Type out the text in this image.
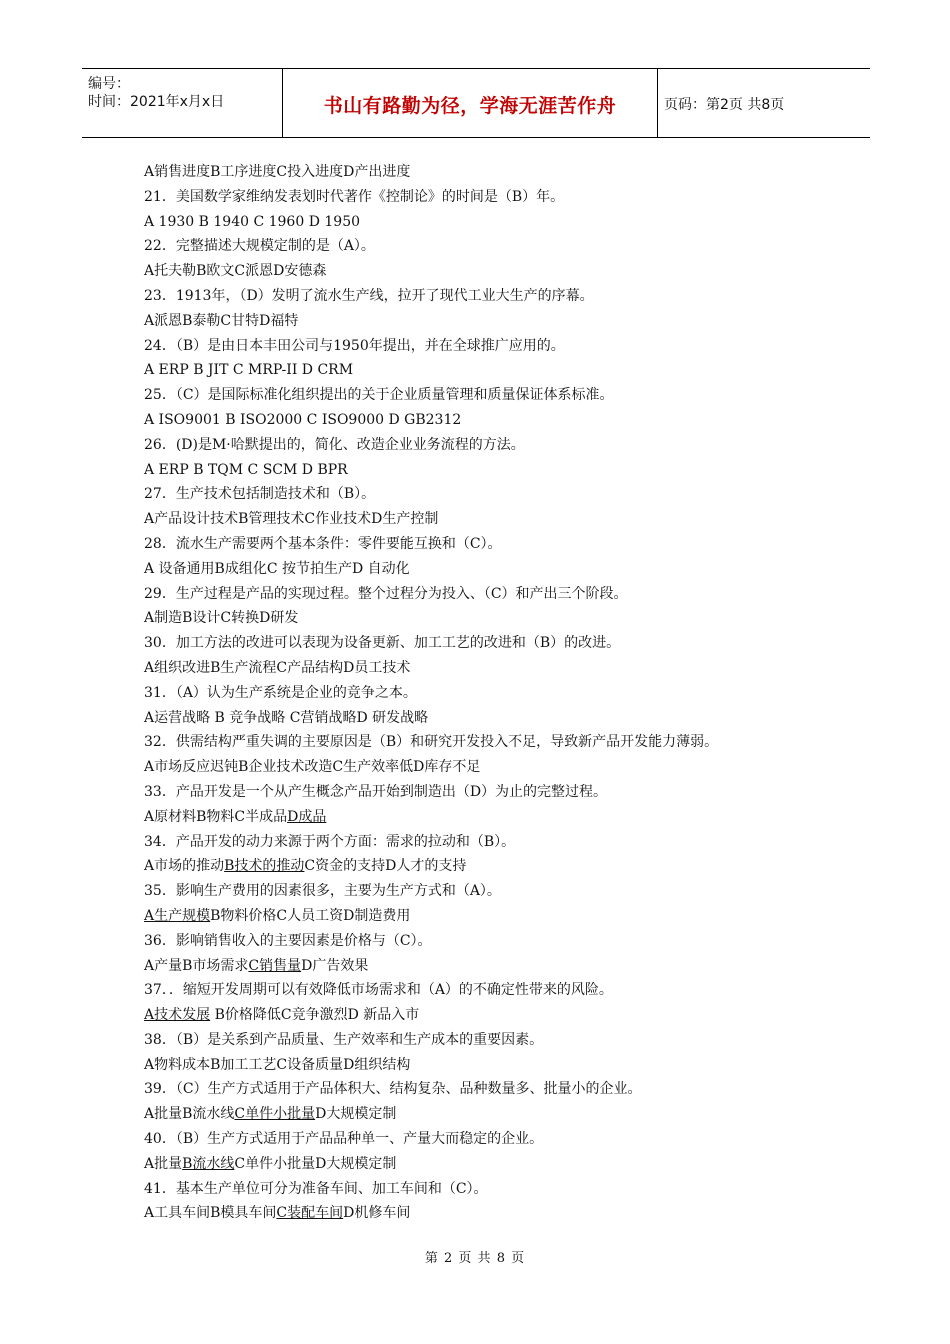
编号：
时间：2021年x月x日	书山有路勤为径，学海无涯苦作舟	页码：第2页 共8页
A销售进度B工序进度C投入进度D产出进度
21．美国数学家维纳发表划时代著作《控制论》的时间是（B）年。
A 1930 B 1940 C 1960 D 1950
22．完整描述大规模定制的是（A）。
A托夫勒B欧文C派恩D安德森
23．1913年，（D）发明了流水生产线，拉开了现代工业大生产的序幕。
A派恩B泰勒C甘特D福特
24．（B）是由日本丰田公司与1950年提出，并在全球推广应用的。
A ERP B JIT C MRP-II D CRM
25．（C）是国际标准化组织提出的关于企业质量管理和质量保证体系标准。
A ISO9001 B ISO2000 C ISO9000 D GB2312
26．(D)是M·哈默提出的，简化、改造企业业务流程的方法。
A ERP B TQM C SCM D BPR
27．生产技术包括制造技术和（B）。
A产品设计技术B管理技术C作业技术D生产控制
28．流水生产需要两个基本条件：零件要能互换和（C）。
A 设备通用B成组化C 按节拍生产D 自动化
29．生产过程是产品的实现过程。整个过程分为投入、（C）和产出三个阶段。
A制造B设计C转换D研发
30．加工方法的改进可以表现为设备更新、加工工艺的改进和（B）的改进。
A组织改进B生产流程C产品结构D员工技术
31．（A）认为生产系统是企业的竞争之本。
A运营战略 B 竞争战略 C营销战略D 研发战略
32．供需结构严重失调的主要原因是（B）和研究开发投入不足，导致新产品开发能力薄弱。
A市场反应迟钝B企业技术改造C生产效率低D库存不足
33．产品开发是一个从产生概念产品开始到制造出（D）为止的完整过程。
A原材料B物料C半成品D成品
34．产品开发的动力来源于两个方面：需求的拉动和（B）。
A市场的推动B技术的推动C资金的支持D人才的支持
35．影响生产费用的因素很多，主要为生产方式和（A）。
A生产规模B物料价格C人员工资D制造费用
36．影响销售收入的主要因素是价格与（C）。
A产量B市场需求C销售量D广告效果
37．．缩短开发周期可以有效降低市场需求和（A）的不确定性带来的风险。
A技术发展 B价格降低C竞争激烈D 新品入市
38．（B）是关系到产品质量、生产效率和生产成本的重要因素。
A物料成本B加工工艺C设备质量D组织结构
39．（C）生产方式适用于产品体积大、结构复杂、品种数量多、批量小的企业。
A批量B流水线C单件小批量D大规模定制
40．（B）生产方式适用于产品品种单一、产量大而稳定的企业。
A批量B流水线C单件小批量D大规模定制
41．基本生产单位可分为准备车间、加工车间和（C）。
A工具车间B模具车间C装配车间D机修车间
第 2 页 共 8 页
